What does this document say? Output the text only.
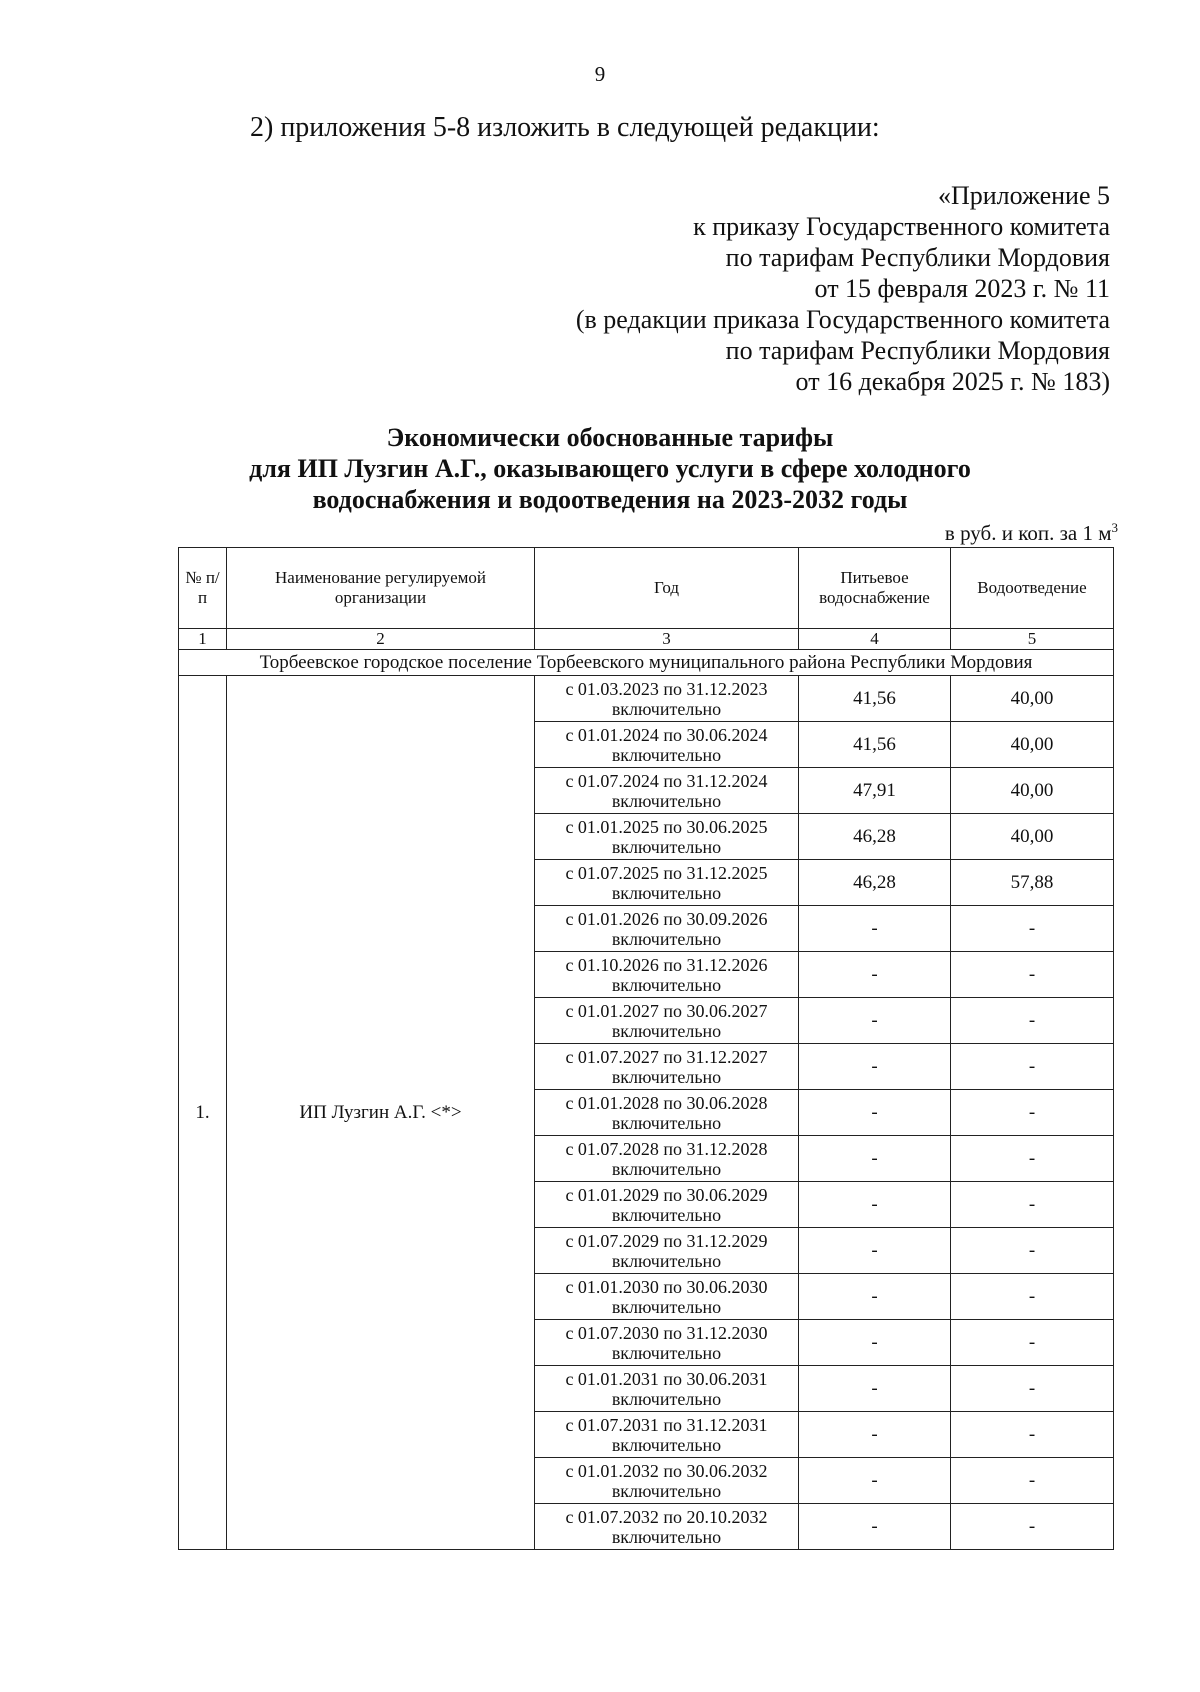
9
2) приложения 5-8 изложить в следующей редакции:
«Приложение 5
к приказу Государственного комитета
по тарифам Республики Мордовия
от 15 февраля 2023 г. № 11
(в редакции приказа Государственного комитета
по тарифам Республики Мордовия
от 16 декабря 2025 г. № 183)
Экономически обоснованные тарифы
для ИП Лузгин А.Г., оказывающего услуги в сфере холодного
водоснабжения и водоотведения на 2023-2032 годы
в руб. и коп. за 1 $м^3$
№ п/п	Наименование регулируемой организации	Год	Питьевое водоснабжение	Водоотведение
1	2	3	4	5
Торбеевское городское поселение Торбеевского муниципального района Республики Мордовия				
1.	ИП Лузгин А.Г. <*>	с 01.03.2023 по 31.12.2023 включительно	41,56	40,00
		с 01.01.2024 по 30.06.2024 включительно	41,56	40,00
		с 01.07.2024 по 31.12.2024 включительно	47,91	40,00
		с 01.01.2025 по 30.06.2025 включительно	46,28	40,00
		с 01.07.2025 по 31.12.2025 включительно	46,28	57,88
		с 01.01.2026 по 30.09.2026 включительно	-	-
		с 01.10.2026 по 31.12.2026 включительно	-	-
		с 01.01.2027 по 30.06.2027 включительно	-	-
		с 01.07.2027 по 31.12.2027 включительно	-	-
		с 01.01.2028 по 30.06.2028 включительно	-	-
		с 01.07.2028 по 31.12.2028 включительно	-	-
		с 01.01.2029 по 30.06.2029 включительно	-	-
		с 01.07.2029 по 31.12.2029 включительно	-	-
		с 01.01.2030 по 30.06.2030 включительно	-	-
		с 01.07.2030 по 31.12.2030 включительно	-	-
		с 01.01.2031 по 30.06.2031 включительно	-	-
		с 01.07.2031 по 31.12.2031 включительно	-	-
		с 01.01.2032 по 30.06.2032 включительно	-	-
		с 01.07.2032 по 20.10.2032 включительно	-	-
